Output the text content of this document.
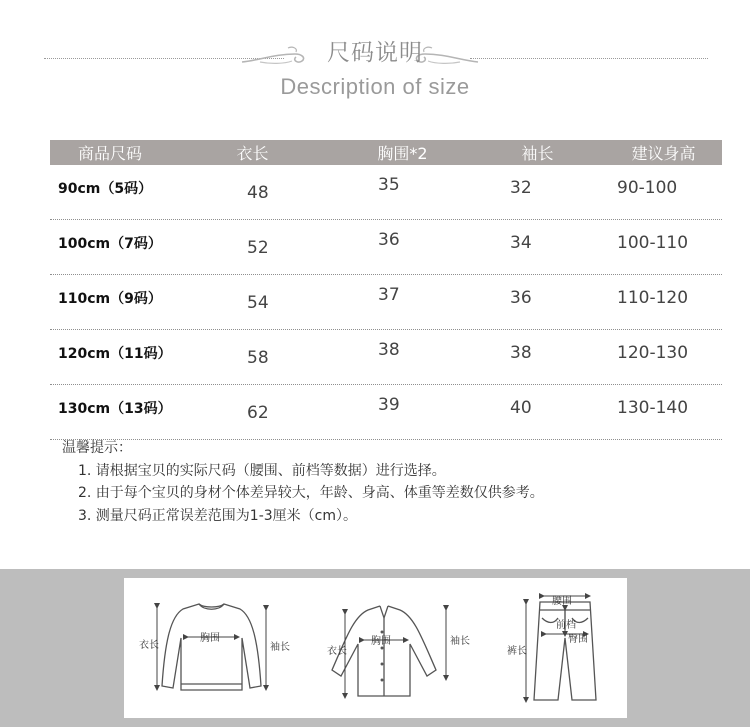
尺码说明
Description of size
商品尺码	衣长	胸围*2	袖长	建议身高
90cm（5码）	48	35	32	90-100
100cm（7码）	52	36	34	100-110
110cm（9码）	54	37	36	110-120
120cm（11码）	58	38	38	120-130
130cm（13码）	62	39	40	130-140
温馨提示：
1. 请根据宝贝的实际尺码（腰围、前档等数据）进行选择。
2. 由于每个宝贝的身材个体差异较大，年龄、身高、体重等差数仅供参考。
3. 测量尺码正常误差范围为1-3厘米（cm）。
衣长
胸围
袖长	衣长
胸围	袖长
腰围
前档
臀围
裤长
